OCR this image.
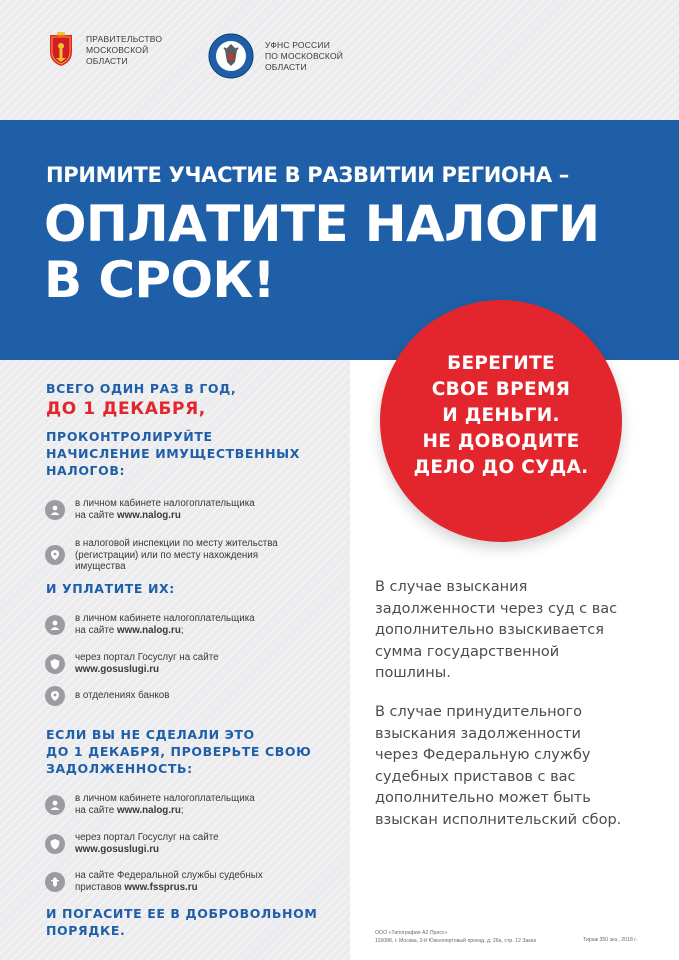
ПРАВИТЕЛЬСТВО
МОСКОВСКОЙ
ОБЛАСТИ
УФНС РОССИИ
ПО МОСКОВСКОЙ
ОБЛАСТИ
ПРИМИТЕ УЧАСТИЕ В РАЗВИТИИ РЕГИОНА –
ОПЛАТИТЕ НАЛОГИ
В СРОК!
ВСЕГО ОДИН РАЗ В ГОД,
ДО 1 ДЕКАБРЯ,
ПРОКОНТРОЛИРУЙТЕ
НАЧИСЛЕНИЕ ИМУЩЕСТВЕННЫХ
НАЛОГОВ:
в личном кабинете налогоплательщика
на сайте www.nalog.ru
в налоговой инспекции по месту жительства
(регистрации) или по месту нахождения
имущества
И УПЛАТИТЕ ИХ:
в личном кабинете налогоплательщика
на сайте www.nalog.ru;
через портал Госуслуг на сайте
www.gosuslugi.ru
в отделениях банков
ЕСЛИ ВЫ НЕ СДЕЛАЛИ ЭТО
ДО 1 ДЕКАБРЯ, ПРОВЕРЬТЕ СВОЮ
ЗАДОЛЖЕННОСТЬ:
в личном кабинете налогоплательщика
на сайте www.nalog.ru;
через портал Госуслуг на сайте
www.gosuslugi.ru
на сайте Федеральной службы судебных
приставов www.fssprus.ru
И ПОГАСИТЕ ЕЕ В ДОБРОВОЛЬНОМ
ПОРЯДКЕ.
БЕРЕГИТЕ
СВОЕ ВРЕМЯ
И ДЕНЬГИ.
НЕ ДОВОДИТЕ
ДЕЛО ДО СУДА.
В случае взыскания
задолженности через суд с вас
дополнительно взыскивается
сумма государственной
пошлины.
В случае принудительного
взыскания задолженности
через Федеральную службу
судебных приставов с вас
дополнительно может быть
взыскан исполнительский сбор.
ООО «Типография А2 Пресс»
115088, г. Москва, 2-й Южнопортовый проезд, д. 26а, стр. 12 Заказ	Тираж 350 экз., 2018 г.
